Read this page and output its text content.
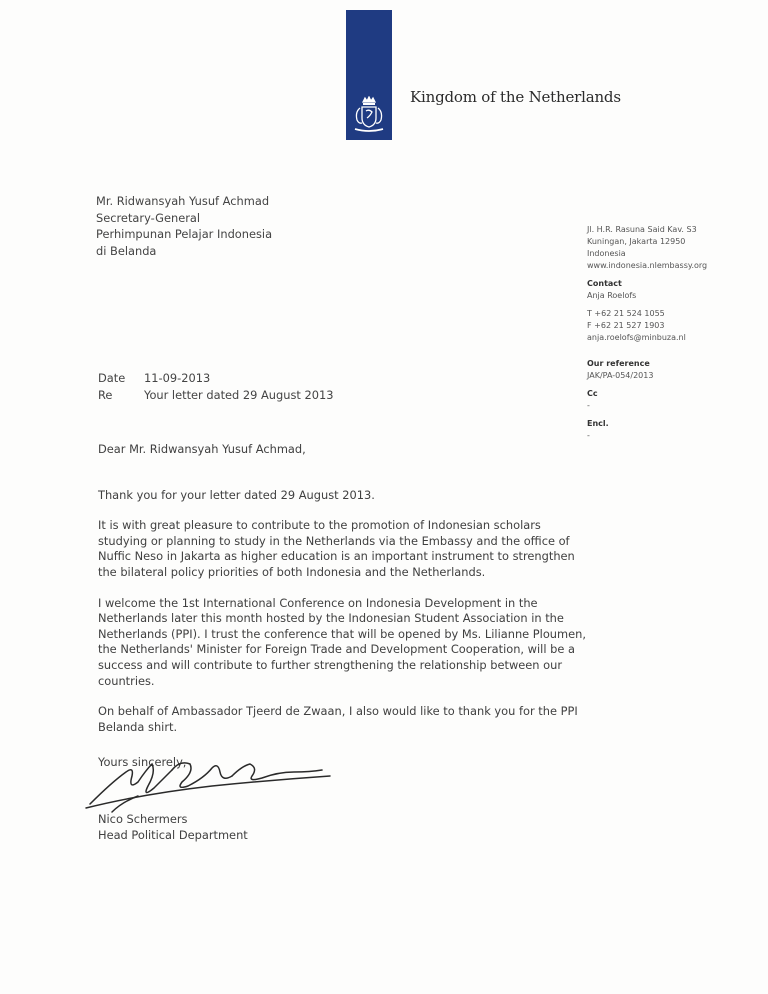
Kingdom of the Netherlands
Mr. Ridwansyah Yusuf Achmad
Secretary-General
Perhimpunan Pelajar Indonesia
di Belanda
Jl. H.R. Rasuna Said Kav. S3
Kuningan, Jakarta 12950
Indonesia
www.indonesia.nlembassy.org
Contact
Anja Roelofs
T +62 21 524 1055
F +62 21 527 1903
anja.roelofs@minbuza.nl
Our reference
JAK/PA-054/2013
Cc
-
Encl.
-
Date 11-09-2013
Re	Your letter dated 29 August 2013

Dear Mr. Ridwansyah Yusuf Achmad,

Thank you for your letter dated 29 August 2013.

It is with great pleasure to contribute to the promotion of Indonesian scholars studying or planning to study in the Netherlands via the Embassy and the office of Nuffic Neso in Jakarta as higher education is an important instrument to strengthen the bilateral policy priorities of both Indonesia and the Netherlands.

I welcome the 1st International Conference on Indonesia Development in the Netherlands later this month hosted by the Indonesian Student Association in the Netherlands (PPI). I trust the conference that will be opened by Ms. Lilianne Ploumen, the Netherlands' Minister for Foreign Trade and Development Cooperation, will be a success and will contribute to further strengthening the relationship between our countries.

On behalf of Ambassador Tjeerd de Zwaan, I also would like to thank you for the PPI Belanda shirt.

Yours sincerely,

Nico Schermers
Head Political Department
